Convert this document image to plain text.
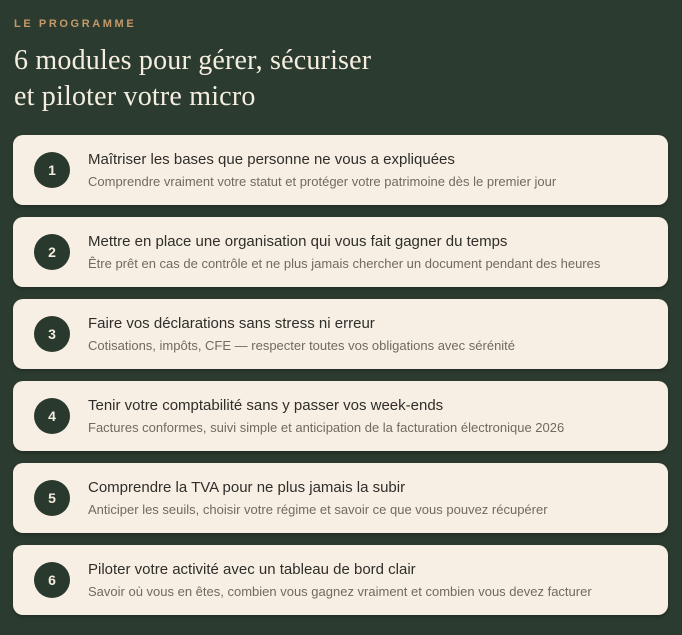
LE PROGRAMME
6 modules pour gérer, sécuriser
et piloter votre micro
1
Maîtriser les bases que personne ne vous a expliquées
Comprendre vraiment votre statut et protéger votre patrimoine dès le premier jour
2
Mettre en place une organisation qui vous fait gagner du temps
Être prêt en cas de contrôle et ne plus jamais chercher un document pendant des heures
3
Faire vos déclarations sans stress ni erreur
Cotisations, impôts, CFE — respecter toutes vos obligations avec sérénité
4
Tenir votre comptabilité sans y passer vos week-ends
Factures conformes, suivi simple et anticipation de la facturation électronique 2026
5
Comprendre la TVA pour ne plus jamais la subir
Anticiper les seuils, choisir votre régime et savoir ce que vous pouvez récupérer
6
Piloter votre activité avec un tableau de bord clair
Savoir où vous en êtes, combien vous gagnez vraiment et combien vous devez facturer
